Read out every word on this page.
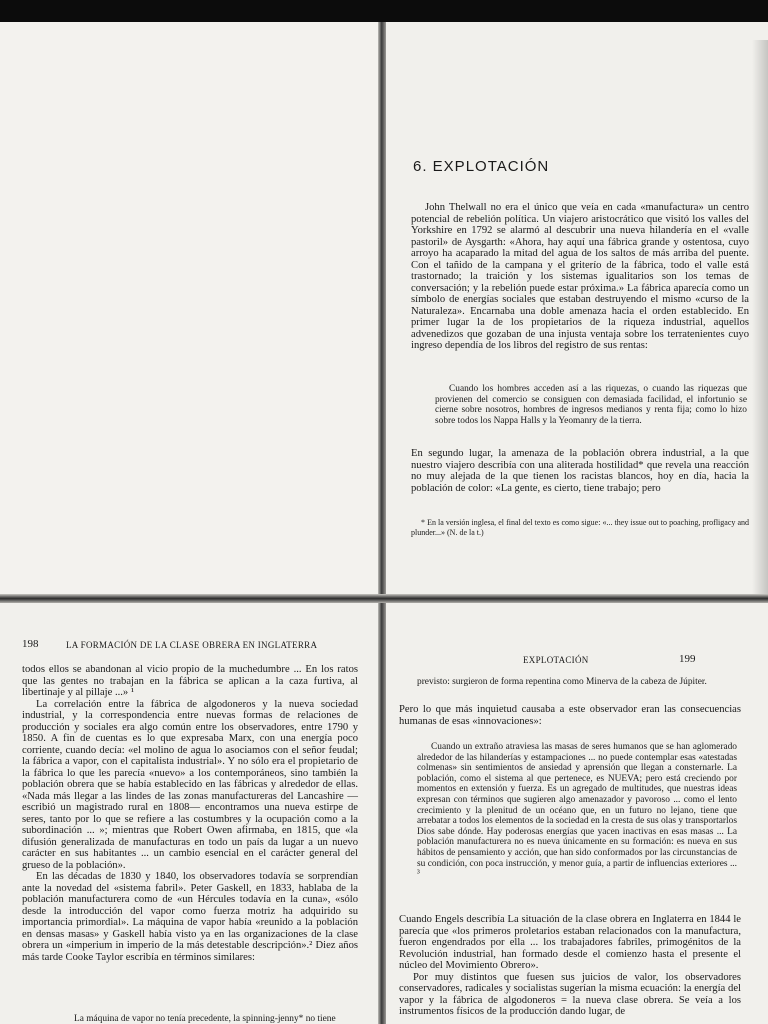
6. EXPLOTACIÓN

John Thelwall no era el único que veía en cada «manufactura» un centro potencial de rebelión política. Un viajero aristocrático que visitó los valles del Yorkshire en 1792 se alarmó al descubrir una nueva hilandería en el «valle pastoril» de Aysgarth: «Ahora, hay aquí una fábrica grande y ostentosa, cuyo arroyo ha acaparado la mitad del agua de los saltos de más arriba del puente. Con el tañido de la campana y el griterío de la fábrica, todo el valle está trastornado; la traición y los sistemas igualitarios son los temas de conversación; y la rebelión puede estar próxima.» La fábrica aparecía como un símbolo de energías sociales que estaban destruyendo el mismo «curso de la Naturaleza». Encarnaba una doble amenaza hacia el orden establecido. En primer lugar la de los propietarios de la riqueza industrial, aquellos advenedizos que gozaban de una injusta ventaja sobre los terratenientes cuyo ingreso dependía de los libros del registro de sus rentas:

Cuando los hombres acceden así a las riquezas, o cuando las riquezas que provienen del comercio se consiguen con demasiada facilidad, el infortunio se cierne sobre nosotros, hombres de ingresos medianos y renta fija; como lo hizo sobre todos los Nappa Halls y la Yeomanry de la tierra.

En segundo lugar, la amenaza de la población obrera industrial, a la que nuestro viajero describía con una aliterada hostilidad* que revela una reacción no muy alejada de la que tienen los racistas blancos, hoy en día, hacia la población de color: «La gente, es cierto, tiene trabajo; pero

* En la versión inglesa, el final del texto es como sigue: «... they issue out to poaching, profligacy and plunder...» (N. de la t.)

198	LA FORMACIÓN DE LA CLASE OBRERA EN INGLATERRA

todos ellos se abandonan al vicio propio de la muchedumbre ... En los ratos que las gentes no trabajan en la fábrica se aplican a la caza furtiva, al libertinaje y al pillaje ...» ¹

La correlación entre la fábrica de algodoneros y la nueva sociedad industrial, y la correspondencia entre nuevas formas de relaciones de producción y sociales era algo común entre los observadores, entre 1790 y 1850. A fin de cuentas es lo que expresaba Marx, con una energía poco corriente, cuando decía: «el molino de agua lo asociamos con el señor feudal; la fábrica a vapor, con el capitalista industrial». Y no sólo era el propietario de la fábrica lo que les parecía «nuevo» a los contemporáneos, sino también la población obrera que se había establecido en las fábricas y alrededor de ellas. «Nada más llegar a las lindes de las zonas manufactureras del Lancashire —escribió un magistrado rural en 1808— encontramos una nueva estirpe de seres, tanto por lo que se refiere a las costumbres y la ocupación como a la subordinación ... »; mientras que Robert Owen afirmaba, en 1815, que «la difusión generalizada de manufacturas en todo un país da lugar a un nuevo carácter en sus habitantes ... un cambio esencial en el carácter general del grueso de la población».

En las décadas de 1830 y 1840, los observadores todavía se sorprendían ante la novedad del «sistema fabril». Peter Gaskell, en 1833, hablaba de la población manufacturera como de «un Hércules todavía en la cuna», «sólo desde la introducción del vapor como fuerza motriz ha adquirido su importancia primordial». La máquina de vapor había «reunido a la población en densas masas» y Gaskell había visto ya en las organizaciones de la clase obrera un «imperium in imperio de la más detestable descripción».² Diez años más tarde Cooke Taylor escribía en términos similares:

La máquina de vapor no tenía precedente, la spinning-jenny* no tiene

EXPLOTACIÓN	199

previsto: surgieron de forma repentina como Minerva de la cabeza de Júpiter.

Pero lo que más inquietud causaba a este observador eran las consecuencias humanas de esas «innovaciones»:

Cuando un extraño atraviesa las masas de seres humanos que se han aglomerado alrededor de las hilanderías y estampaciones ... no puede contemplar esas «atestadas colmenas» sin sentimientos de ansiedad y aprensión que llegan a consternarle. La población, como el sistema al que pertenece, es NUEVA; pero está creciendo por momentos en extensión y fuerza. Es un agregado de multitudes, que nuestras ideas expresan con términos que sugieren algo amenazador y pavoroso ... como el lento crecimiento y la plenitud de un océano que, en un futuro no lejano, tiene que arrebatar a todos los elementos de la sociedad en la cresta de sus olas y transportarlos Dios sabe dónde. Hay poderosas energías que yacen inactivas en esas masas ... La población manufacturera no es nueva únicamente en su formación: es nueva en sus hábitos de pensamiento y acción, que han sido conformados por las circunstancias de su condición, con poca instrucción, y menor guía, a partir de influencias exteriores ... ³

Cuando Engels describía La situación de la clase obrera en Inglaterra en 1844 le parecía que «los primeros proletarios estaban relacionados con la manufactura, fueron engendrados por ella ... los trabajadores fabriles, primogénitos de la Revolución industrial, han formado desde el comienzo hasta el presente el núcleo del Movimiento Obrero».

Por muy distintos que fuesen sus juicios de valor, los observadores conservadores, radicales y socialistas sugerían la misma ecuación: la energía del vapor y la fábrica de algodoneros = la nueva clase obrera. Se veía a los instrumentos físicos de la producción dando lugar, de
